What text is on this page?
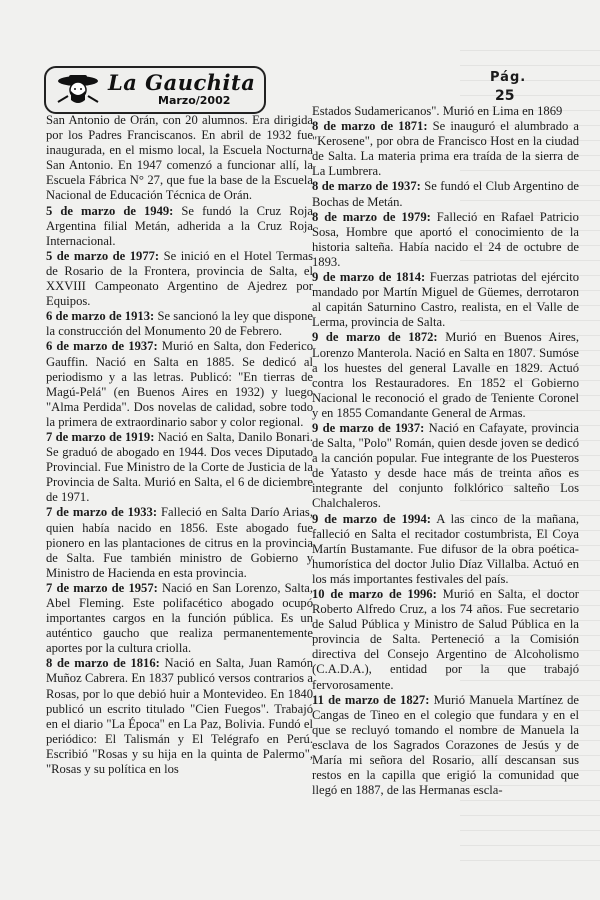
La Gauchita
Marzo/2002
Pág.
25

San Antonio de Orán, con 20 alumnos. Era dirigida por los Padres Franciscanos. En abril de 1932 fue inaugurada, en el mismo local, la Escuela Nocturna San Antonio. En 1947 comenzó a funcionar allí, la Escuela Fábrica N° 27, que fue la base de la Escuela Nacional de Educación Técnica de Orán.

5 de marzo de 1949: Se fundó la Cruz Roja Argentina filial Metán, adherida a la Cruz Roja Internacional.

5 de marzo de 1977: Se inició en el Hotel Termas de Rosario de la Frontera, provincia de Salta, el XXVIII Campeonato Argentino de Ajedrez por Equipos.

6 de marzo de 1913: Se sancionó la ley que dispone la construcción del Monumento 20 de Febrero.

6 de marzo de 1937: Murió en Salta, don Federico Gauffin. Nació en Salta en 1885. Se dedicó al periodismo y a las letras. Publicó: "En tierras de Magú-Pelá" (en Buenos Aires en 1932) y luego "Alma Perdida". Dos novelas de calidad, sobre todo la primera de extraordinario sabor y color regional.

7 de marzo de 1919: Nació en Salta, Danilo Bonari. Se graduó de abogado en 1944. Dos veces Diputado Provincial. Fue Ministro de la Corte de Justicia de la Provincia de Salta. Murió en Salta, el 6 de diciembre de 1971.

7 de marzo de 1933: Falleció en Salta Darío Arias, quien había nacido en 1856. Este abogado fue pionero en las plantaciones de citrus en la provincia de Salta. Fue también ministro de Gobierno y Ministro de Hacienda en esta provincia.

7 de marzo de 1957: Nació en San Lorenzo, Salta, Abel Fleming. Este polifacético abogado ocupó importantes cargos en la función pública. Es un auténtico gaucho que realiza permanentemente aportes por la cultura criolla.

8 de marzo de 1816: Nació en Salta, Juan Ramón Muñoz Cabrera. En 1837 publicó versos contrarios a Rosas, por lo que debió huir a Montevideo. En 1840 publicó un escrito titulado "Cien Fuegos". Trabajó en el diario "La Época" en La Paz, Bolivia. Fundó el periódico: El Talismán y El Telégrafo en Perú. Escribió "Rosas y su hija en la quinta de Palermo", "Rosas y su política en los

Estados Sudamericanos". Murió en Lima en 1869

8 de marzo de 1871: Se inauguró el alumbrado a "Kerosene", por obra de Francisco Host en la ciudad de Salta. La materia prima era traída de la sierra de La Lumbrera.

8 de marzo de 1937: Se fundó el Club Argentino de Bochas de Metán.

8 de marzo de 1979: Falleció en Rafael Patricio Sosa, Hombre que aportó el conocimiento de la historia salteña. Había nacido el 24 de octubre de 1893.

9 de marzo de 1814: Fuerzas patriotas del ejército mandado por Martín Miguel de Güemes, derrotaron al capitán Saturnino Castro, realista, en el Valle de Lerma, provincia de Salta.

9 de marzo de 1872: Murió en Buenos Aires, Lorenzo Manterola. Nació en Salta en 1807. Sumóse a los huestes del general Lavalle en 1829. Actuó contra los Restauradores. En 1852 el Gobierno Nacional le reconoció el grado de Teniente Coronel y en 1855 Comandante General de Armas.

9 de marzo de 1937: Nació en Cafayate, provincia de Salta, "Polo" Román, quien desde joven se dedicó a la canción popular. Fue integrante de los Puesteros de Yatasto y desde hace más de treinta años es integrante del conjunto folklórico salteño Los Chalchaleros.

9 de marzo de 1994: A las cinco de la mañana, falleció en Salta el recitador costumbrista, El Coya Martín Bustamante. Fue difusor de la obra poética-humorística del doctor Julio Díaz Villalba. Actuó en los más importantes festivales del país.

10 de marzo de 1996: Murió en Salta, el doctor Roberto Alfredo Cruz, a los 74 años. Fue secretario de Salud Pública y Ministro de Salud Pública en la provincia de Salta. Perteneció a la Comisión directiva del Consejo Argentino de Alcoholismo (C.A.D.A.), entidad por la que trabajó fervorosamente.

11 de marzo de 1827: Murió Manuela Martínez de Cangas de Tineo en el colegio que fundara y en el que se recluyó tomando el nombre de Manuela la esclava de los Sagrados Corazones de Jesús y de María mi señora del Rosario, allí descansan sus restos en la capilla que erigió la comunidad que llegó en 1887, de las Hermanas escla-
